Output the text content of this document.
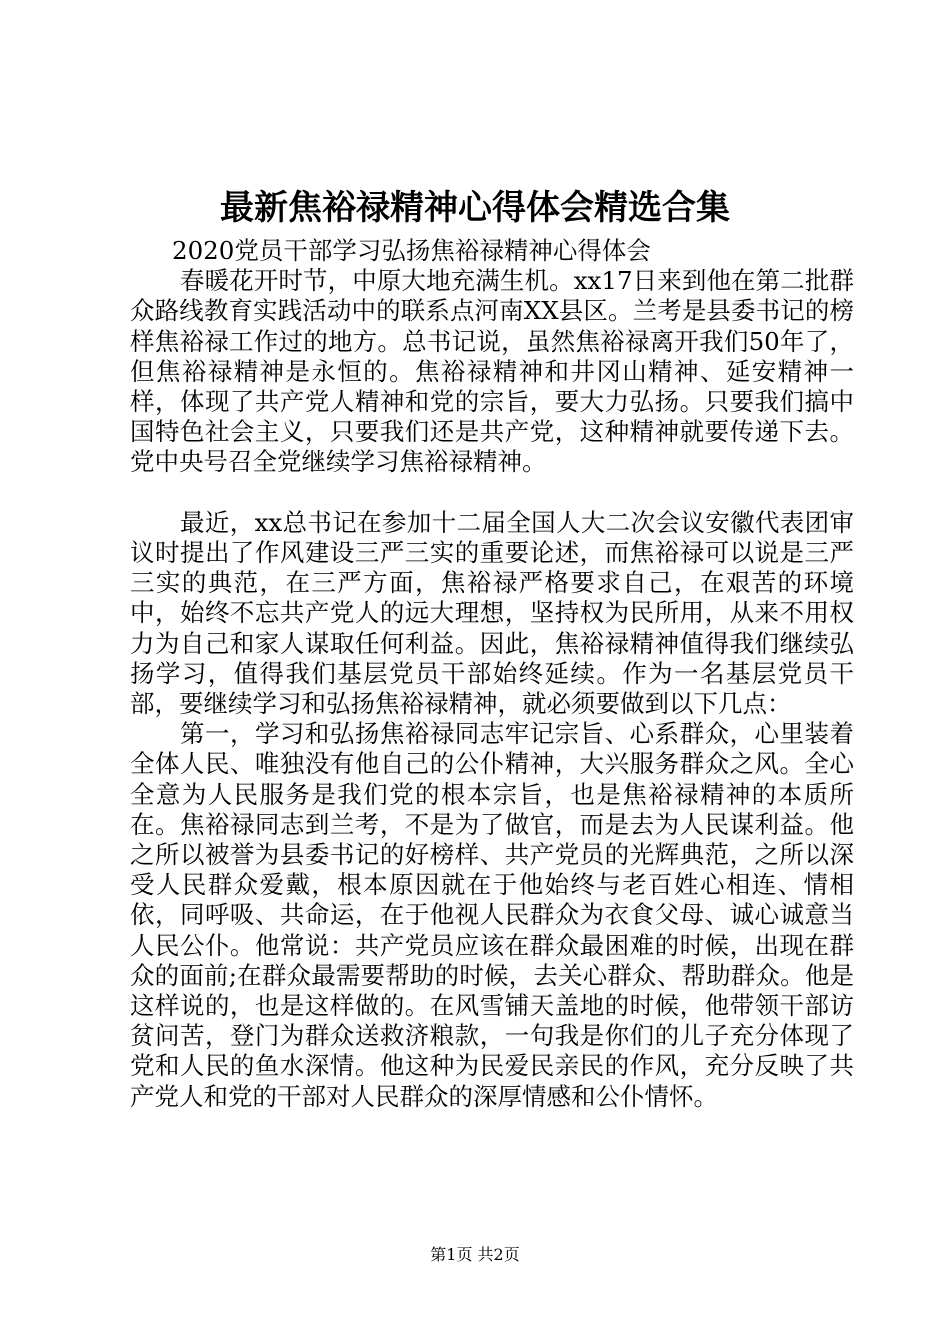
最新焦裕禄精神心得体会精选合集

2020党员干部学习弘扬焦裕禄精神心得体会

春暖花开时节，中原大地充满生机。xx17日来到他在第二批群众路线教育实践活动中的联系点河南XX县区。兰考是县委书记的榜样焦裕禄工作过的地方。总书记说，虽然焦裕禄离开我们50年了，但焦裕禄精神是永恒的。焦裕禄精神和井冈山精神、延安精神一样，体现了共产党人精神和党的宗旨，要大力弘扬。只要我们搞中国特色社会主义，只要我们还是共产党，这种精神就要传递下去。党中央号召全党继续学习焦裕禄精神。

最近，xx总书记在参加十二届全国人大二次会议安徽代表团审议时提出了作风建设三严三实的重要论述，而焦裕禄可以说是三严三实的典范，在三严方面，焦裕禄严格要求自己，在艰苦的环境中，始终不忘共产党人的远大理想，坚持权为民所用，从来不用权力为自己和家人谋取任何利益。因此，焦裕禄精神值得我们继续弘扬学习，值得我们基层党员干部始终延续。作为一名基层党员干部，要继续学习和弘扬焦裕禄精神，就必须要做到以下几点：

第一，学习和弘扬焦裕禄同志牢记宗旨、心系群众，心里装着全体人民、唯独没有他自己的公仆精神，大兴服务群众之风。全心全意为人民服务是我们党的根本宗旨，也是焦裕禄精神的本质所在。焦裕禄同志到兰考，不是为了做官，而是去为人民谋利益。他之所以被誉为县委书记的好榜样、共产党员的光辉典范，之所以深受人民群众爱戴，根本原因就在于他始终与老百姓心相连、情相依，同呼吸、共命运，在于他视人民群众为衣食父母、诚心诚意当人民公仆。他常说：共产党员应该在群众最困难的时候，出现在群众的面前;在群众最需要帮助的时候，去关心群众、帮助群众。他是这样说的，也是这样做的。在风雪铺天盖地的时候，他带领干部访贫问苦，登门为群众送救济粮款，一句我是你们的儿子充分体现了党和人民的鱼水深情。他这种为民爱民亲民的作风，充分反映了共产党人和党的干部对人民群众的深厚情感和公仆情怀。

第1页 共2页
